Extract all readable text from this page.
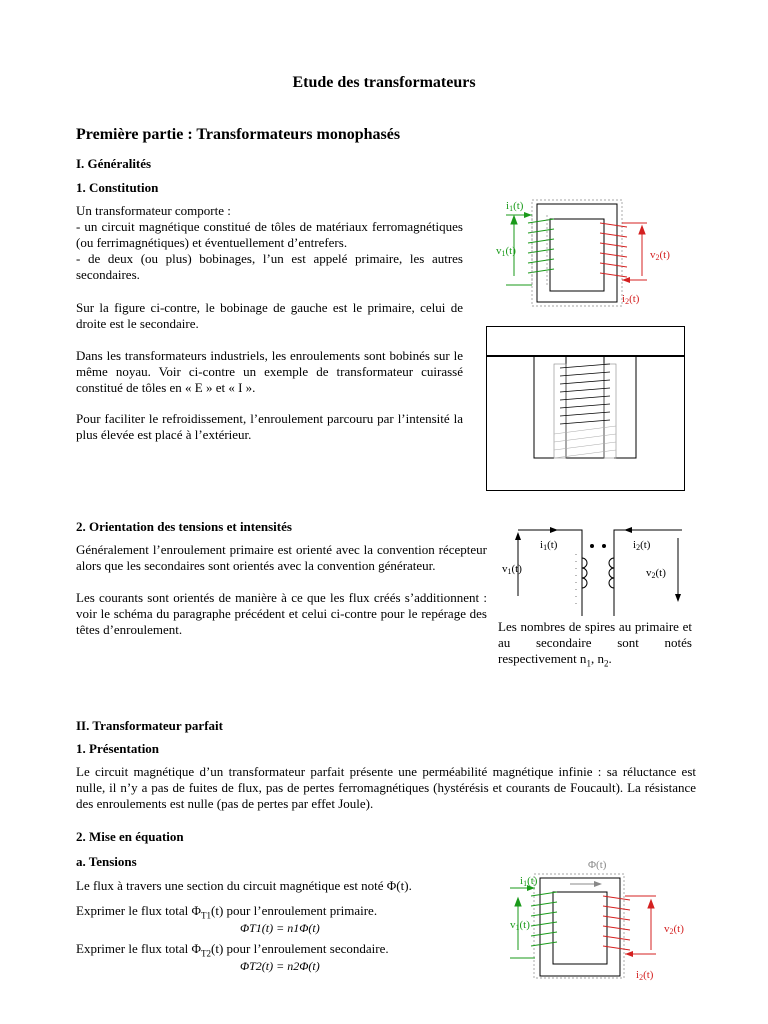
Etude des transformateurs
Première partie : Transformateurs monophasés
I. Généralités
1. Constitution

Un transformateur comporte :

- un circuit magnétique constitué de tôles de matériaux ferromagnétiques (ou ferrimagnétiques) et éventuellement d’entrefers.

- de deux (ou plus) bobinages, l’un est appelé primaire, les autres secondaires.

Sur la figure ci-contre, le bobinage de gauche est le primaire, celui de droite est le secondaire.

Dans les transformateurs industriels, les enroulements sont bobinés sur le même noyau. Voir ci-contre un exemple de transformateur cuirassé constitué de tôles en « E » et « I ».

Pour faciliter le refroidissement, l’enroulement parcouru par l’intensité la plus élevée est placé à l’extérieur.

i1(t)
v1(t)	v2(t)
i2(t)
2. Orientation des tensions et intensités

Généralement l’enroulement primaire est orienté avec la convention récepteur alors que les secondaires sont orientés avec la convention générateur.

Les courants sont orientés de manière à ce que les flux créés s’additionnent : voir le schéma du paragraphe précédent et celui ci-contre pour le repérage des têtes d’enroulement.

i1(t)	i2(t)
v1(t)	v2(t)

Les nombres de spires au primaire et au secondaire sont notés respectivement $n_1$, $n_2$.

II. Transformateur parfait
1. Présentation

Le circuit magnétique d’un transformateur parfait présente une perméabilité magnétique infinie : sa réluctance est nulle, il n’y a pas de fuites de flux, pas de pertes ferromagnétiques (hystérésis et courants de Foucault). La résistance des enroulements est nulle (pas de pertes par effet Joule).

2. Mise en équation
a. Tensions

Le flux à travers une section du circuit magnétique est noté Φ(t).

Exprimer le flux total $\Phi_{T1}(t)$ pour l’enroulement primaire.

ΦT1(t) = n1Φ(t)

Exprimer le flux total $\Phi_{T2}(t)$ pour l’enroulement secondaire.

ΦT2(t) = n2Φ(t)

Φ(t)
i1(t)
v1(t)	v2(t)
i2(t)
